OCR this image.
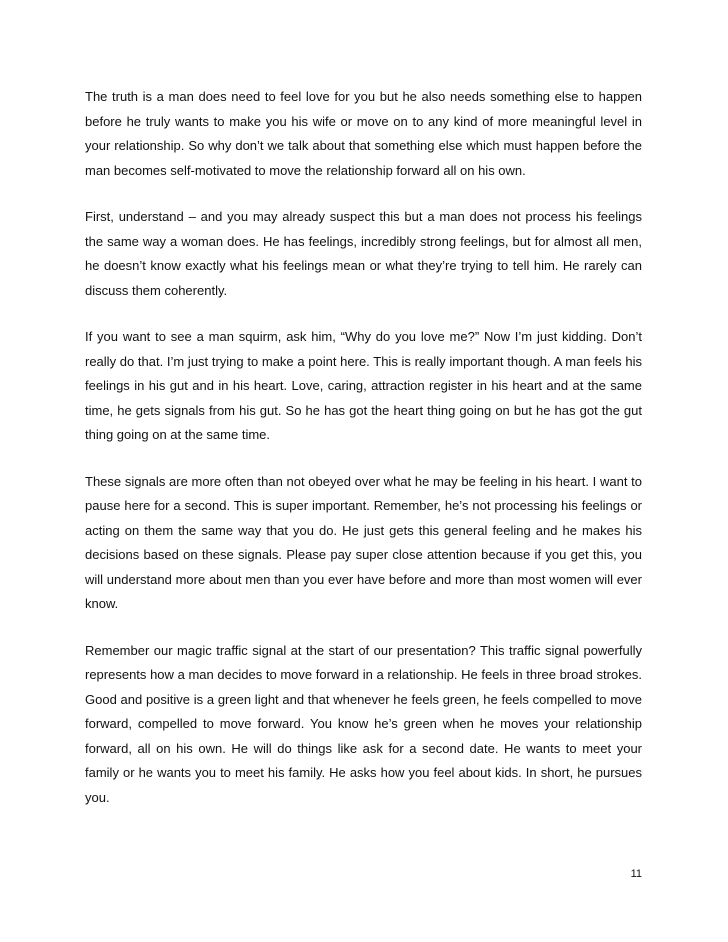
The truth is a man does need to feel love for you but he also needs something else to happen before he truly wants to make you his wife or move on to any kind of more meaningful level in your relationship. So why don’t we talk about that something else which must happen before the man becomes self-motivated to move the relationship forward all on his own.

First, understand – and you may already suspect this but a man does not process his feelings the same way a woman does. He has feelings, incredibly strong feelings, but for almost all men, he doesn’t know exactly what his feelings mean or what they’re trying to tell him. He rarely can discuss them coherently.

If you want to see a man squirm, ask him, “Why do you love me?” Now I’m just kidding. Don’t really do that. I’m just trying to make a point here. This is really important though. A man feels his feelings in his gut and in his heart. Love, caring, attraction register in his heart and at the same time, he gets signals from his gut. So he has got the heart thing going on but he has got the gut thing going on at the same time.

These signals are more often than not obeyed over what he may be feeling in his heart. I want to pause here for a second. This is super important. Remember, he’s not processing his feelings or acting on them the same way that you do. He just gets this general feeling and he makes his decisions based on these signals. Please pay super close attention because if you get this, you will understand more about men than you ever have before and more than most women will ever know.

Remember our magic traffic signal at the start of our presentation? This traffic signal powerfully represents how a man decides to move forward in a relationship. He feels in three broad strokes. Good and positive is a green light and that whenever he feels green, he feels compelled to move forward, compelled to move forward. You know he’s green when he moves your relationship forward, all on his own. He will do things like ask for a second date. He wants to meet your family or he wants you to meet his family. He asks how you feel about kids. In short, he pursues you.

11
